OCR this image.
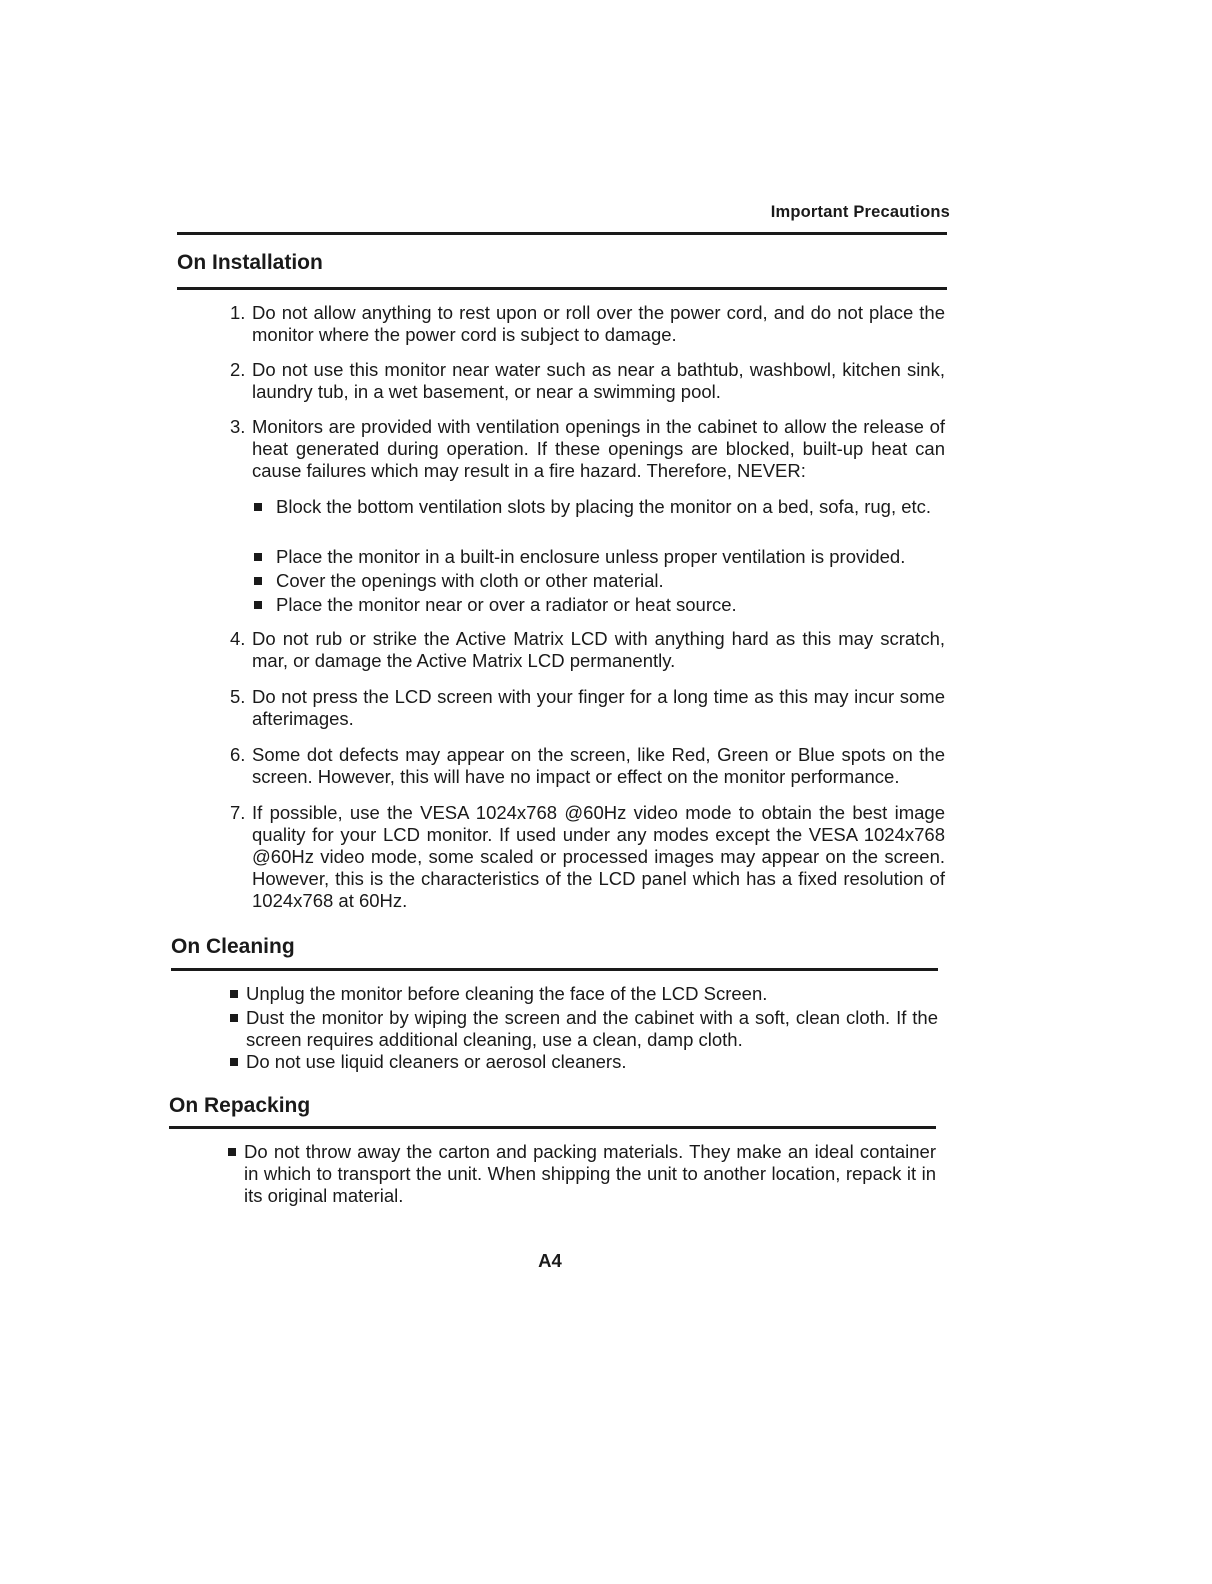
Important Precautions
On Installation
1. Do not allow anything to rest upon or roll over the power cord, and do not place the monitor where the power cord is subject to damage.
2. Do not use this monitor near water such as near a bathtub, washbowl, kitchen sink, laundry tub, in a wet basement, or near a swimming pool.
3. Monitors are provided with ventilation openings in the cabinet to allow the release of heat generated during operation. If these openings are blocked, built-up heat can cause failures which may result in a fire hazard. Therefore, NEVER:
Block the bottom ventilation slots by placing the monitor on a bed, sofa, rug, etc.
Place the monitor in a built-in enclosure unless proper ventilation is provided.
Cover the openings with cloth or other material.
Place the monitor near or over a radiator or heat source.
4. Do not rub or strike the Active Matrix LCD with anything hard as this may scratch, mar, or damage the Active Matrix LCD permanently.
5. Do not press the LCD screen with your finger for a long time as this may incur some afterimages.
6. Some dot defects may appear on the screen, like Red, Green or Blue spots on the screen. However, this will have no impact or effect on the monitor performance.
7. If possible, use the VESA 1024x768 @60Hz video mode to obtain the best image quality for your LCD monitor. If used under any modes except the VESA 1024x768 @60Hz video mode, some scaled or processed images may appear on the screen. However, this is the characteristics of the LCD panel which has a fixed resolution of 1024x768 at 60Hz.
On Cleaning
Unplug the monitor before cleaning the face of the LCD Screen.
Dust the monitor by wiping the screen and the cabinet with a soft, clean cloth. If the screen requires additional cleaning, use a clean, damp cloth.
Do not use liquid cleaners or aerosol cleaners.
On Repacking
Do not throw away the carton and packing materials. They make an ideal container in which to transport the unit. When shipping the unit to another location, repack it in its original material.
A4
